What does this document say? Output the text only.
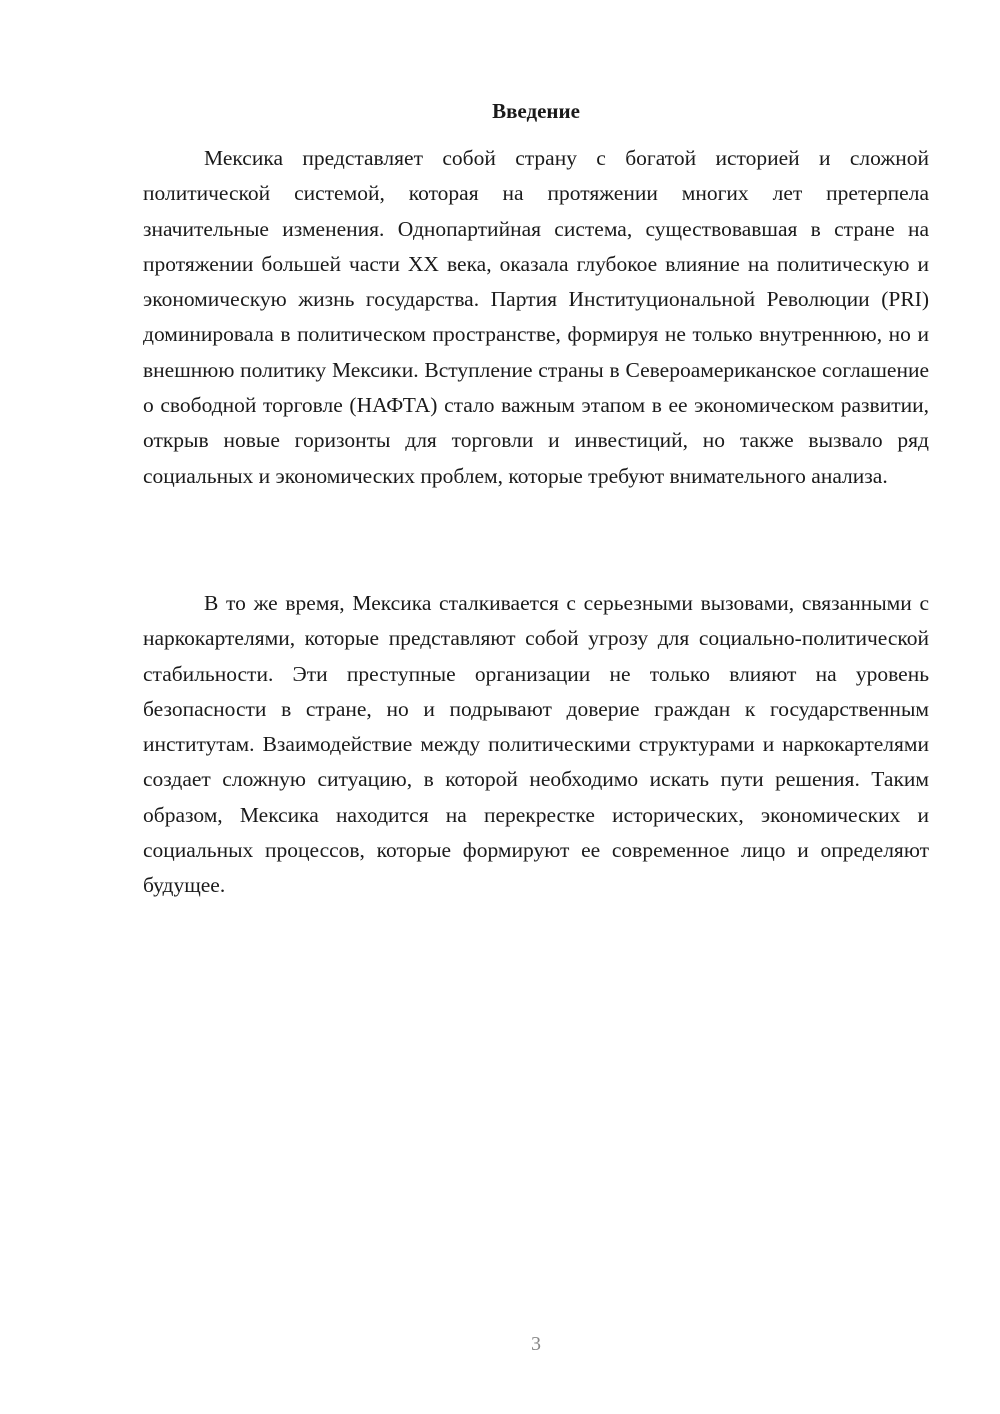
Введение

Мексика представляет собой страну с богатой историей и сложной политической системой, которая на протяжении многих лет претерпела значительные изменения. Однопартийная система, существовавшая в стране на протяжении большей части XX века, оказала глубокое влияние на политическую и экономическую жизнь государства. Партия Институциональной Революции (PRI) доминировала в политическом пространстве, формируя не только внутреннюю, но и внешнюю политику Мексики. Вступление страны в Североамериканское соглашение о свободной торговле (НАФТА) стало важным этапом в ее экономическом развитии, открыв новые горизонты для торговли и инвестиций, но также вызвало ряд социальных и экономических проблем, которые требуют внимательного анализа.

В то же время, Мексика сталкивается с серьезными вызовами, связанными с наркокартелями, которые представляют собой угрозу для социально-политической стабильности. Эти преступные организации не только влияют на уровень безопасности в стране, но и подрывают доверие граждан к государственным институтам. Взаимодействие между политическими структурами и наркокартелями создает сложную ситуацию, в которой необходимо искать пути решения. Таким образом, Мексика находится на перекрестке исторических, экономических и социальных процессов, которые формируют ее современное лицо и определяют будущее.

3
